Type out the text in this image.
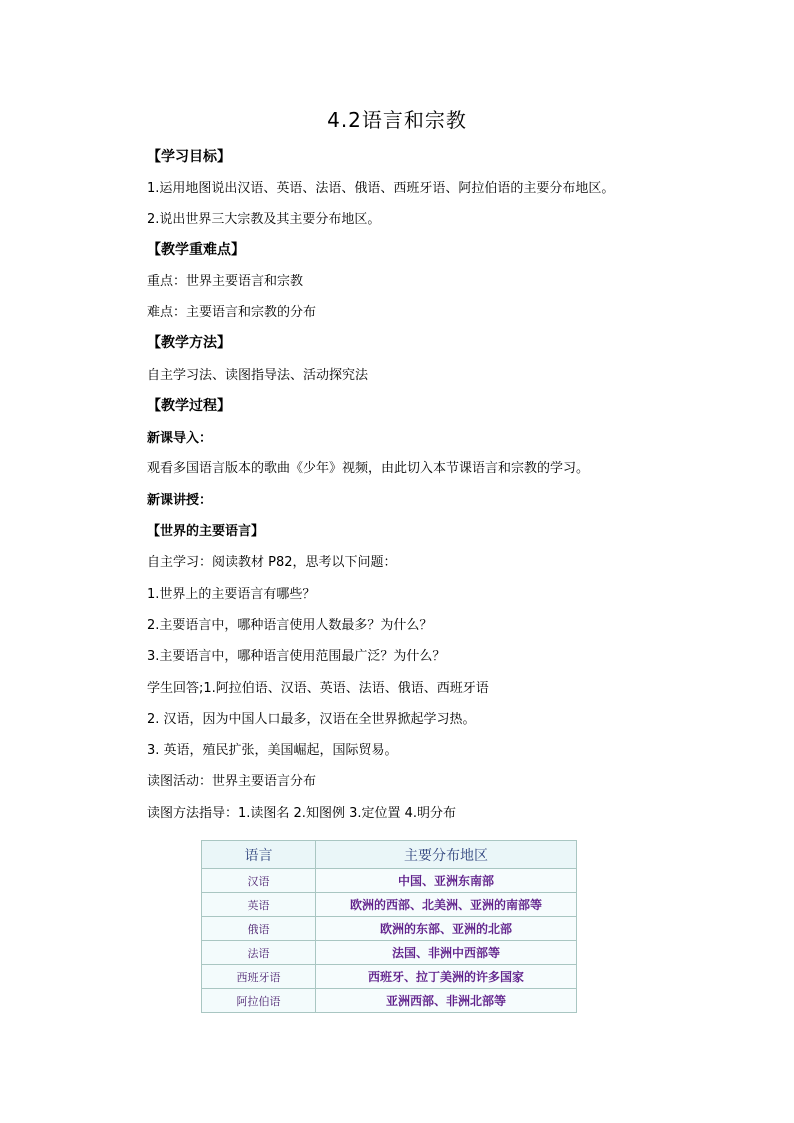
4.2语言和宗教
【学习目标】
1.运用地图说出汉语、英语、法语、俄语、西班牙语、阿拉伯语的主要分布地区。
2.说出世界三大宗教及其主要分布地区。
【教学重难点】
重点：世界主要语言和宗教
难点：主要语言和宗教的分布
【教学方法】
自主学习法、读图指导法、活动探究法
【教学过程】
新课导入：
观看多国语言版本的歌曲《少年》视频，由此切入本节课语言和宗教的学习。
新课讲授：
【世界的主要语言】
自主学习：阅读教材 P82，思考以下问题：
1.世界上的主要语言有哪些？
2.主要语言中，哪种语言使用人数最多？为什么？
3.主要语言中，哪种语言使用范围最广泛？为什么？
学生回答;1.阿拉伯语、汉语、英语、法语、俄语、西班牙语
2. 汉语，因为中国人口最多，汉语在全世界掀起学习热。
3. 英语，殖民扩张，美国崛起，国际贸易。
读图活动：世界主要语言分布
读图方法指导：1.读图名 2.知图例 3.定位置 4.明分布
语言	主要分布地区
汉语	中国、亚洲东南部
英语	欧洲的西部、北美洲、亚洲的南部等
俄语	欧洲的东部、亚洲的北部
法语	法国、非洲中西部等
西班牙语	西班牙、拉丁美洲的许多国家
阿拉伯语	亚洲西部、非洲北部等
